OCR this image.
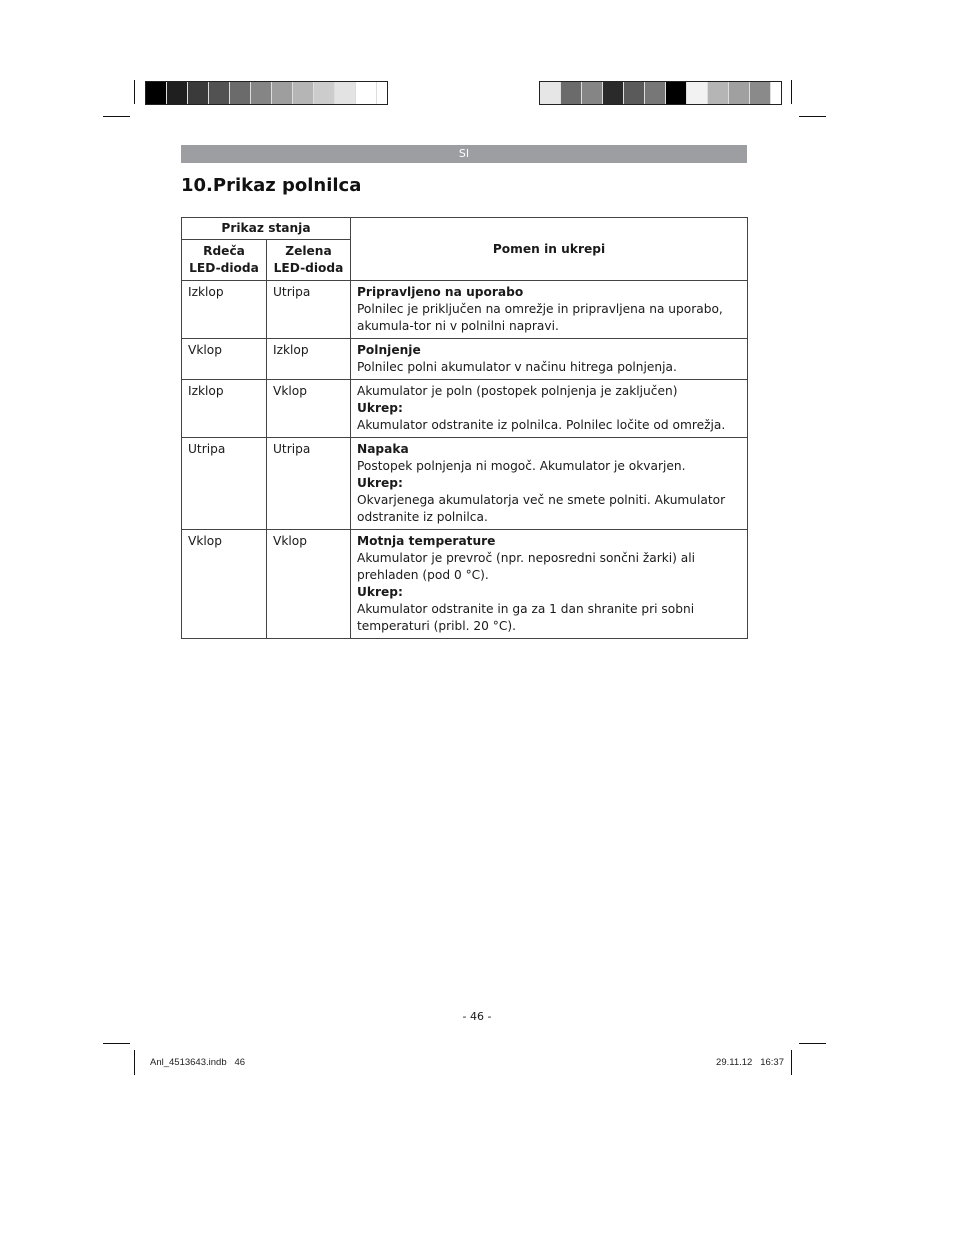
SI
10.Prikaz polnilca
Prikaz stanja		Pomen in ukrepi
Rdeča LED-dioda	Zelena LED-dioda	
Izklop	Utripa	Pripravljeno na uporabo
Polnilec je priključen na omrežje in pripravljena na uporabo, akumula-tor ni v polnilni napravi.

Vklop	Izklop	Polnjenje
Polnilec polni akumulator v načinu hitrega polnjenja.

Izklop	Vklop	Akumulator je poln (postopek polnjenja je zaključen)
Ukrep:
Akumulator odstranite iz polnilca. Polnilec ločite od omrežja.

Utripa	Utripa	Napaka
Postopek polnjenja ni mogoč. Akumulator je okvarjen.
Ukrep:
Okvarjenega akumulatorja več ne smete polniti. Akumulator odstranite iz polnilca.

Vklop	Vklop	Motnja temperature
Akumulator je prevroč (npr. neposredni sončni žarki) ali prehladen (pod 0 °C).
Ukrep:
Akumulator odstranite in ga za 1 dan shranite pri sobni temperaturi (pribl. 20 °C).
- 46 -
Anl_4513643.indb   46	29.11.12   16:37
